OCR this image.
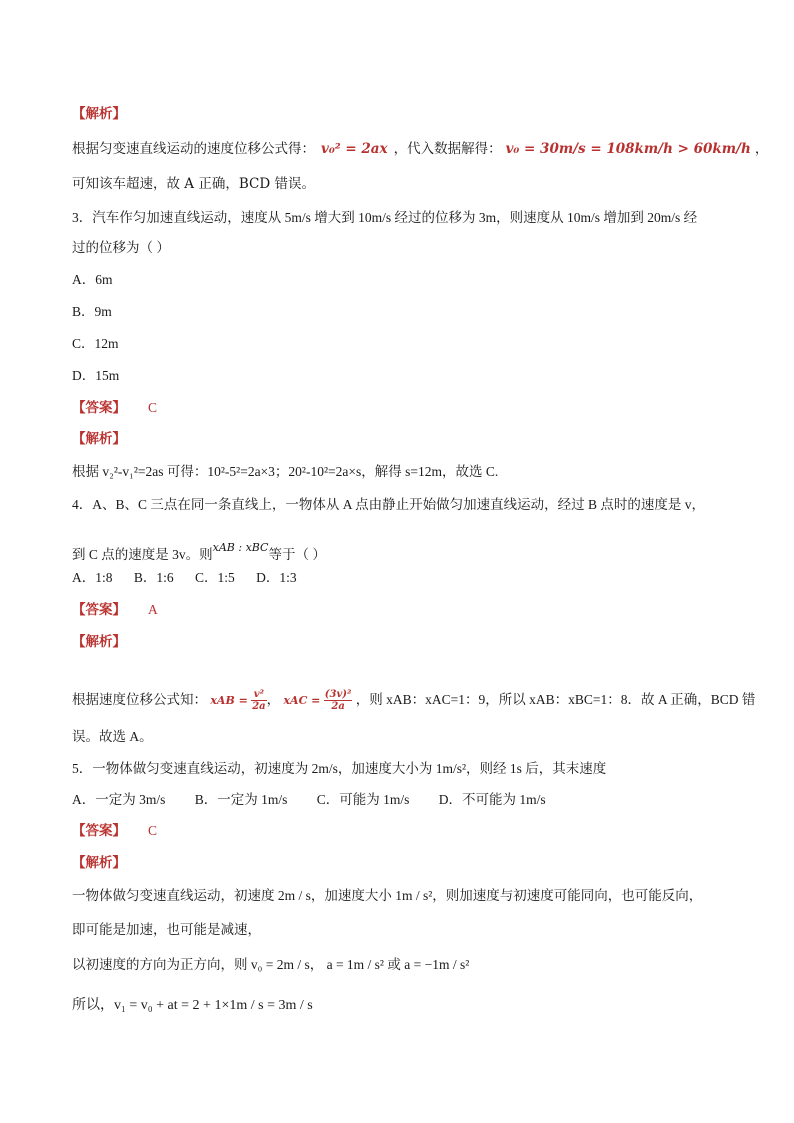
【解析】
根据匀变速直线运动的速度位移公式得： v₀² = 2ax ，代入数据解得： v₀ = 30m/s = 108km/h > 60km/h ，
可知该车超速，故 A 正确，BCD 错误。
3．汽车作匀加速直线运动，速度从 5m/s 增大到 10m/s 经过的位移为 3m，则速度从 10m/s 增加到 20m/s 经
过的位移为（ ）
A．6m
B．9m
C．12m
D．15m
【答案】 C
【解析】
根据 v₂²-v₁²=2as 可得：10²-5²=2a×3；20²-10²=2a×s，解得 s=12m，故选 C.
4．A、B、C 三点在同一条直线上，一物体从 A 点由静止开始做匀加速直线运动，经过 B 点时的速度是 v，
到 C 点的速度是 3v。则$^{xAB : xBC}$等于（ ）
A．1:8 B．1:6 C．1:5 D．1:3
【答案】 A
【解析】
根据速度位移公式知： xAB = $\frac{\text{v²}}{2a}$ ， xAC = $\frac{\text{(3v)²}}{2a}$ ，则 xAB：xAC=1：9，所以 xAB：xBC=1：8．故 A 正确，BCD 错
误。故选 A。
5．一物体做匀变速直线运动，初速度为 2m/s，加速度大小为 1m/s²，则经 1s 后，其末速度
A．一定为 3m/s B．一定为 1m/s C．可能为 1m/s D．不可能为 1m/s
【答案】 C
【解析】
一物体做匀变速直线运动，初速度 2m / s，加速度大小 1m / s²，则加速度与初速度可能同向，也可能反向，
即可能是加速，也可能是减速，
以初速度的方向为正方向，则 v₀ = 2m / s， a = 1m / s² 或 a = −1m / s²
所以，v₁ = v₀ + at = 2 + 1×1m / s = 3m / s
